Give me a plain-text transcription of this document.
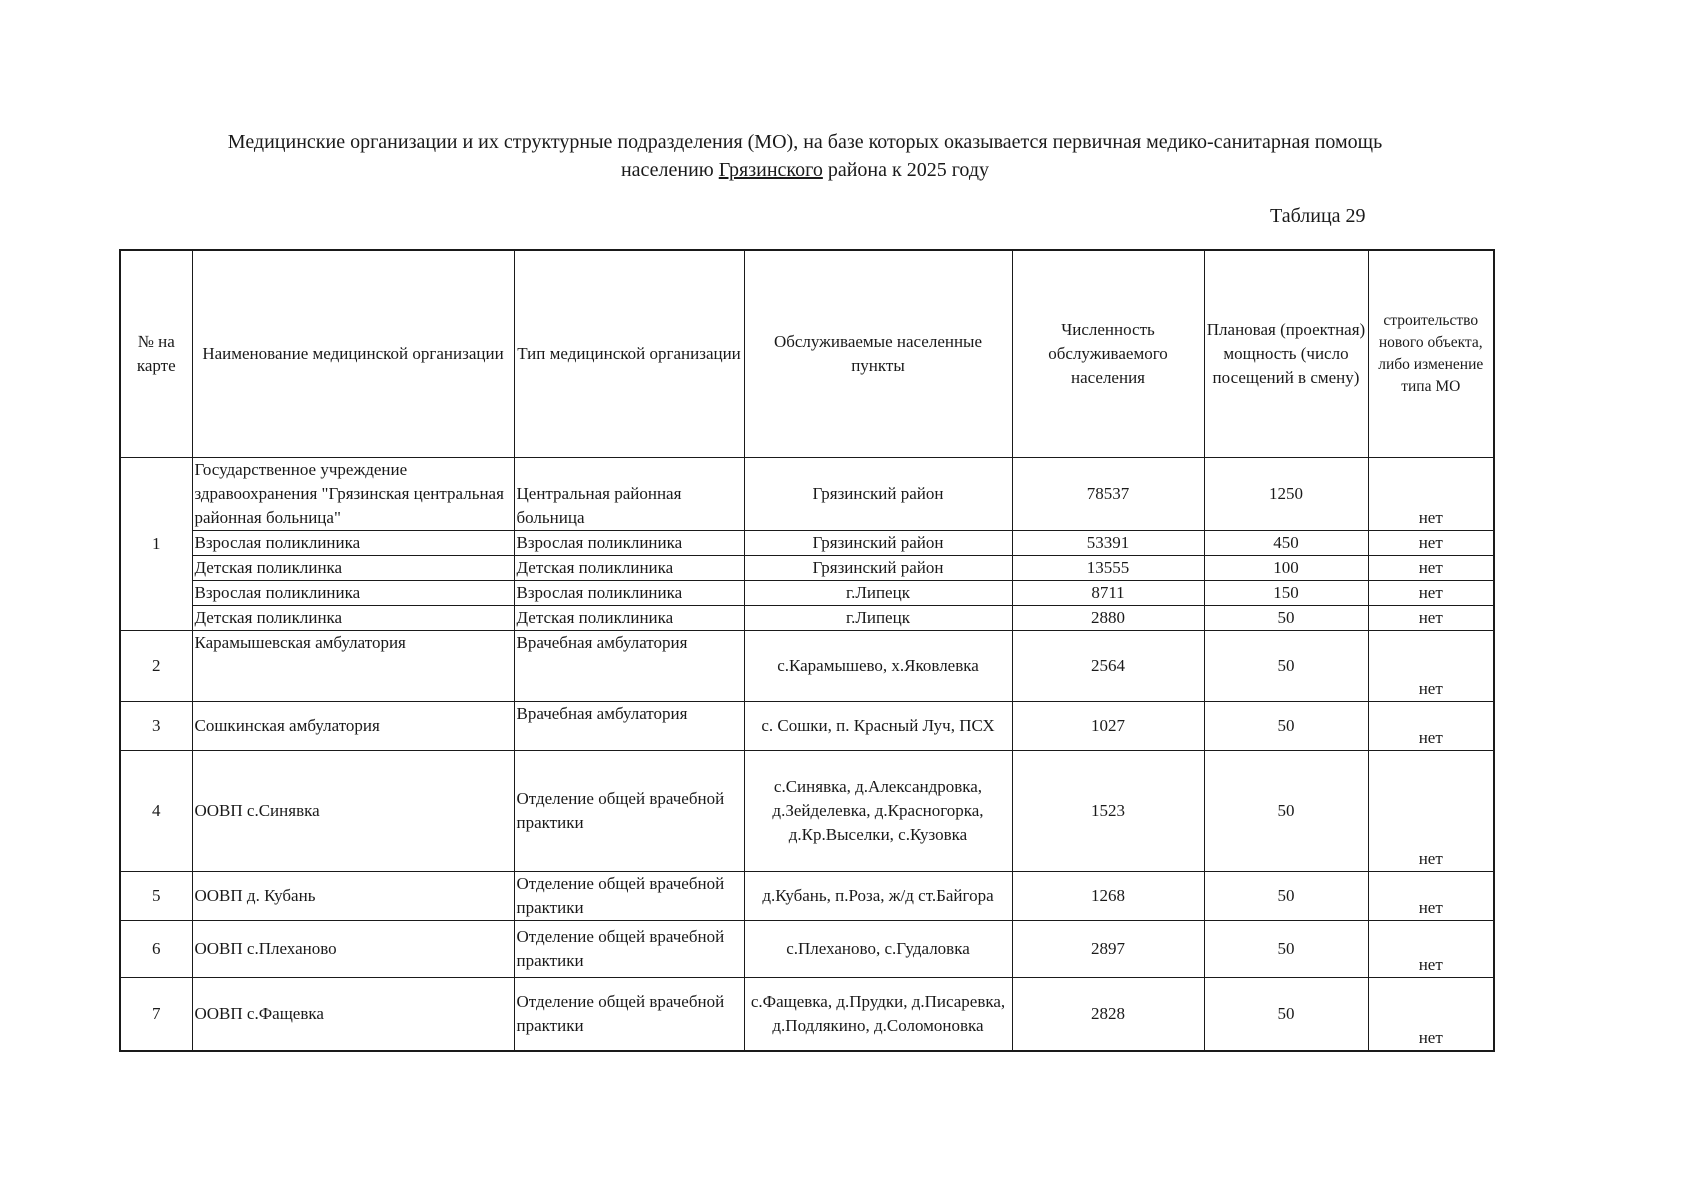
Медицинские организации и их структурные подразделения (МО), на базе которых оказывается первичная медико-санитарная помощь
населению Грязинского района к 2025 году
Таблица 29
№ на карте	Наименование медицинской организации	Тип медицинской организации	Обслуживаемые населенные пункты	Численность обслуживаемого населения	Плановая (проектная) мощность (число посещений в смену)	строительство нового объекта, либо изменение типа МО
1	Государственное учреждение здравоохранения "Грязинская центральная районная больница"	Центральная районная больница	Грязинский район	78537	1250	нет
	Взрослая поликлиника	Взрослая поликлиника	Грязинский район	53391	450	нет
	Детская поликлинка	Детская поликлиника	Грязинский район	13555	100	нет
	Взрослая поликлиника	Взрослая поликлиника	г.Липецк	8711	150	нет
	Детская поликлинка	Детская поликлиника	г.Липецк	2880	50	нет
2	Карамышевская амбулатория	Врачебная амбулатория	с.Карамышево, х.Яковлевка	2564	50	нет
3	Сошкинская амбулатория	Врачебная амбулатория	с. Сошки, п. Красный Луч, ПСХ	1027	50	нет
4	ООВП с.Синявка	Отделение общей врачебной практики	с.Синявка, д.Александровка, д.Зейделевка, д.Красногорка, д.Кр.Выселки, с.Кузовка	1523	50	нет
5	ООВП д. Кубань	Отделение общей врачебной практики	д.Кубань, п.Роза, ж/д ст.Байгора	1268	50	нет
6	ООВП с.Плеханово	Отделение общей врачебной практики	с.Плеханово, с.Гудаловка	2897	50	нет
7	ООВП с.Фащевка	Отделение общей врачебной практики	с.Фащевка, д.Прудки, д.Писаревка, д.Подлякино, д.Соломоновка	2828	50	нет
